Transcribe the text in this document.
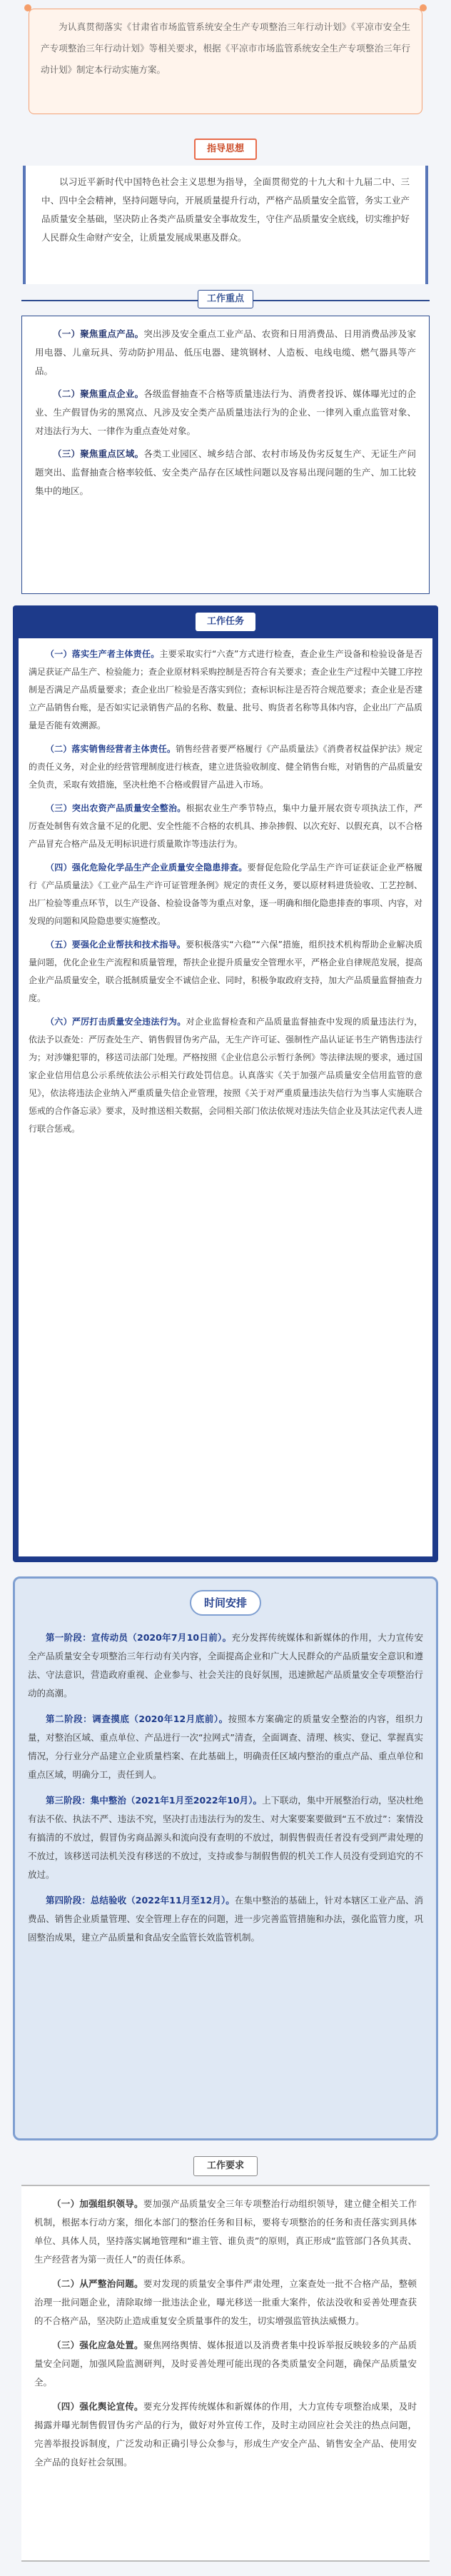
为认真贯彻落实《甘肃省市场监管系统安全生产专项整治三年行动计划》《平凉市安全生产专项整治三年行动计划》等相关要求，根据《平凉市市场监管系统安全生产专项整治三年行动计划》制定本行动实施方案。

指导思想

以习近平新时代中国特色社会主义思想为指导，全面贯彻党的十九大和十九届二中、三中、四中全会精神，坚持问题导向，开展质量提升行动，严格产品质量安全监管，务实工业产品质量安全基础，坚决防止各类产品质量安全事故发生，守住产品质量安全底线，切实维护好人民群众生命财产安全，让质量发展成果惠及群众。

工作重点

（一）聚焦重点产品。突出涉及安全重点工业产品、农资和日用消费品、日用消费品涉及家用电器、儿童玩具、劳动防护用品、低压电器、建筑钢材、人造板、电线电缆、燃气器具等产品。

（二）聚焦重点企业。各级监督抽查不合格等质量违法行为、消费者投诉、媒体曝光过的企业、生产假冒伪劣的黑窝点、凡涉及安全类产品质量违法行为的企业、一律列入重点监管对象、对违法行为大、一律作为重点查处对象。

（三）聚焦重点区域。各类工业园区、城乡结合部、农村市场及伪劣反复生产、无证生产问题突出、监督抽查合格率较低、安全类产品存在区域性问题以及容易出现问题的生产、加工比较集中的地区。

工作任务

（一）落实生产者主体责任。主要采取实行“六查”方式进行检查，查企业生产设备和检验设备是否满足获证产品生产、检验能力；查企业原材料采购控制是否符合有关要求；查企业生产过程中关键工序控制是否满足产品质量要求；查企业出厂检验是否落实到位；查标识标注是否符合规范要求；查企业是否建立产品销售台账，是否如实记录销售产品的名称、数量、批号、购货者名称等具体内容，企业出厂产品质量是否能有效溯源。

（二）落实销售经营者主体责任。销售经营者要严格履行《产品质量法》《消费者权益保护法》规定的责任义务，对企业的经营管理制度进行核查，建立进货验收制度、健全销售台账，对销售的产品质量安全负责，采取有效措施，坚决杜绝不合格或假冒产品进入市场。

（三）突出农资产品质量安全整治。根据农业生产季节特点，集中力量开展农资专项执法工作，严厉查处制售有效含量不足的化肥、安全性能不合格的农机具、掺杂掺假、以次充好、以假充真，以不合格产品冒充合格产品及无明标识进行质量欺诈等违法行为。

（四）强化危险化学品生产企业质量安全隐患排查。要督促危险化学品生产许可证获证企业严格履行《产品质量法》《工业产品生产许可证管理条例》规定的责任义务，要以原材料进货验收、工艺控制、出厂检验等重点环节，以生产设备、检验设备等为重点对象，逐一明确和细化隐患排查的事项、内容，对发现的问题和风险隐患要实施整改。

（五）要强化企业帮扶和技术指导。要积极落实“六稳”“六保”措施，组织技术机构帮助企业解决质量问题，优化企业生产流程和质量管理，帮扶企业提升质量安全管理水平，严格企业自律规范发展，提高企业产品质量安全，联合抵制质量安全不诚信企业、同时，积极争取政府支持，加大产品质量监督抽查力度。

（六）严厉打击质量安全违法行为。对企业监督检查和产品质量监督抽查中发现的质量违法行为，依法予以查处：严厉查处生产、销售假冒伪劣产品，无生产许可证、强制性产品认证证书生产销售违法行为；对涉嫌犯罪的，移送司法部门处理。严格按照《企业信息公示暂行条例》等法律法规的要求，通过国家企业信用信息公示系统依法公示相关行政处罚信息。认真落实《关于加强产品质量安全信用监管的意见》，依法将违法企业纳入严重质量失信企业管理，按照《关于对严重质量违法失信行为当事人实施联合惩戒的合作备忘录》要求，及时推送相关数据，会同相关部门依法依规对违法失信企业及其法定代表人进行联合惩戒。

时间安排

第一阶段：宣传动员（2020年7月10日前）。充分发挥传统媒体和新媒体的作用，大力宣传安全产品质量安全专项整治三年行动有关内容，全面提高企业和广大人民群众的产品质量安全意识和遵法、守法意识，营造政府重视、企业参与、社会关注的良好氛围，迅速掀起产品质量安全专项整治行动的高潮。

第二阶段：调查摸底（2020年12月底前）。按照本方案确定的质量安全整治的内容，组织力量，对整治区域、重点单位、产品进行一次“拉网式”清查，全面调查、清理、核实、登记、掌握真实情况，分行业分产品建立企业质量档案、在此基础上，明确责任区域内整治的重点产品、重点单位和重点区域，明确分工，责任到人。

第三阶段：集中整治（2021年1月至2022年10月）。上下联动，集中开展整治行动，坚决杜绝有法不依、执法不严、违法不究，坚决打击违法行为的发生、对大案要案要做到“五不放过”：案情没有搞清的不放过，假冒伪劣商品源头和流向没有查明的不放过，制假售假责任者没有受到严肃处理的不放过，该移送司法机关没有移送的不放过，支持或参与制假售假的机关工作人员没有受到追究的不放过。

第四阶段：总结验收（2022年11月至12月）。在集中整治的基础上，针对本辖区工业产品、消费品、销售企业质量管理、安全管理上存在的问题，进一步完善监管措施和办法，强化监管力度，巩固整治成果，建立产品质量和食品安全监管长效监管机制。

工作要求

（一）加强组织领导。要加强产品质量安全三年专项整治行动组织领导，建立健全相关工作机制，根据本行动方案，细化本部门的整治任务和目标，要将专项整治的任务和责任落实到具体单位、具体人员，坚持落实属地管理和“谁主管、谁负责”的原则，真正形成“监管部门各负其责、生产经营者为第一责任人”的责任体系。

（二）从严整治问题。要对发现的质量安全事件严肃处理，立案查处一批不合格产品，整顿治理一批问题企业，清除取缔一批违法企业，曝光移送一批重大案件，依法没收和妥善处理查获的不合格产品，坚决防止造成重复安全质量事件的发生，切实增强监管执法威慑力。

（三）强化应急处置。聚焦网络舆情、媒体报道以及消费者集中投诉举报反映较多的产品质量安全问题，加强风险监测研判，及时妥善处理可能出现的各类质量安全问题，确保产品质量安全。

（四）强化舆论宣传。要充分发挥传统媒体和新媒体的作用，大力宣传专项整治成果，及时揭露并曝光制售假冒伪劣产品的行为，做好对外宣传工作，及时主动回应社会关注的热点问题，完善举报投诉制度，广泛发动和正确引导公众参与，形成生产安全产品、销售安全产品、使用安全产品的良好社会氛围。
